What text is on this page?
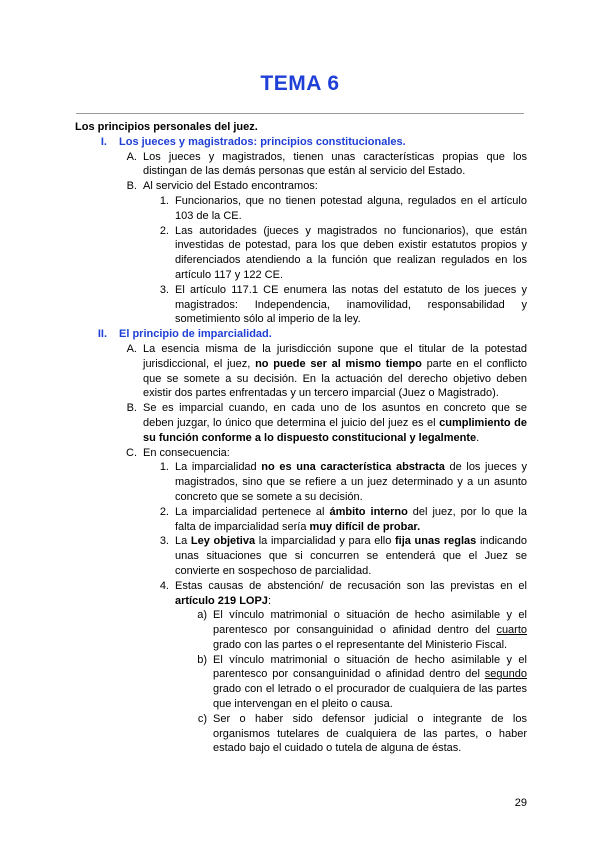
TEMA 6
Los principios personales del juez.
I. Los jueces y magistrados: principios constitucionales.
A. Los jueces y magistrados, tienen unas características propias que los distingan de las demás personas que están al servicio del Estado.
B. Al servicio del Estado encontramos:
1. Funcionarios, que no tienen potestad alguna, regulados en el artículo 103 de la CE.
2. Las autoridades (jueces y magistrados no funcionarios), que están investidas de potestad, para los que deben existir estatutos propios y diferenciados atendiendo a la función que realizan regulados en los artículo 117 y 122 CE.
3. El artículo 117.1 CE enumera las notas del estatuto de los jueces y magistrados: Independencia, inamovilidad, responsabilidad y sometimiento sólo al imperio de la ley.
II. El principio de imparcialidad.
A. La esencia misma de la jurisdicción supone que el titular de la potestad jurisdiccional, el juez, no puede ser al mismo tiempo parte en el conflicto que se somete a su decisión. En la actuación del derecho objetivo deben existir dos partes enfrentadas y un tercero imparcial (Juez o Magistrado).
B. Se es imparcial cuando, en cada uno de los asuntos en concreto que se deben juzgar, lo único que determina el juicio del juez es el cumplimiento de su función conforme a lo dispuesto constitucional y legalmente.
C. En consecuencia:
1. La imparcialidad no es una característica abstracta de los jueces y magistrados, sino que se refiere a un juez determinado y a un asunto concreto que se somete a su decisión.
2. La imparcialidad pertenece al ámbito interno del juez, por lo que la falta de imparcialidad sería muy difícil de probar.
3. La Ley objetiva la imparcialidad y para ello fija unas reglas indicando unas situaciones que si concurren se entenderá que el Juez se convierte en sospechoso de parcialidad.
4. Estas causas de abstención/ de recusación son las previstas en el artículo 219 LOPJ:
a) El vínculo matrimonial o situación de hecho asimilable y el parentesco por consanguinidad o afinidad dentro del cuarto grado con las partes o el representante del Ministerio Fiscal.
b) El vínculo matrimonial o situación de hecho asimilable y el parentesco por consanguinidad o afinidad dentro del segundo grado con el letrado o el procurador de cualquiera de las partes que intervengan en el pleito o causa.
c) Ser o haber sido defensor judicial o integrante de los organismos tutelares de cualquiera de las partes, o haber estado bajo el cuidado o tutela de alguna de éstas.
29
